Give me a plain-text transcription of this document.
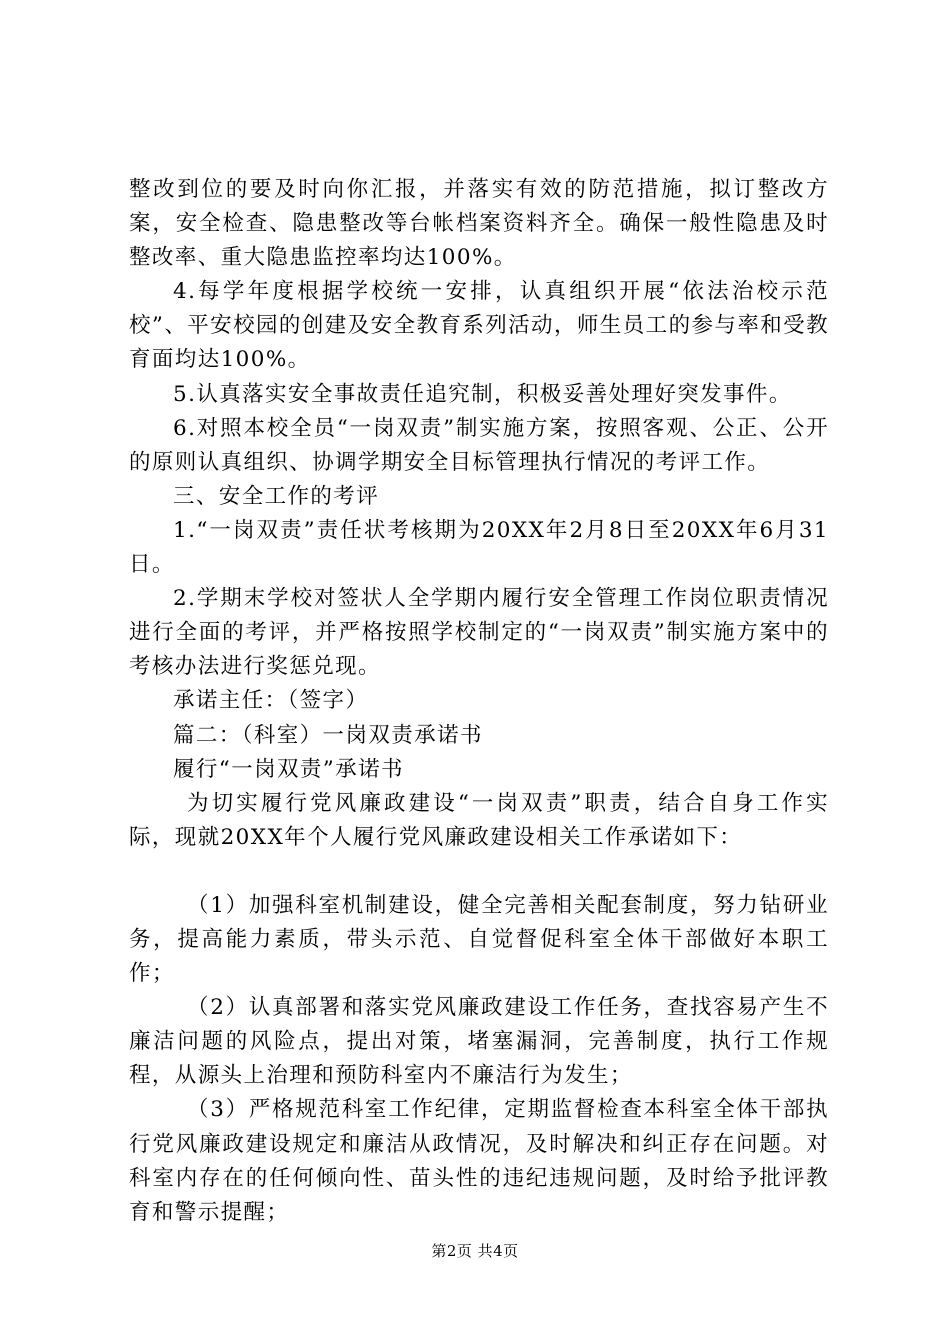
整改到位的要及时向你汇报，并落实有效的防范措施，拟订整改方案，安全检查、隐患整改等台帐档案资料齐全。确保一般性隐患及时整改率、重大隐患监控率均达100%。

4.每学年度根据学校统一安排，认真组织开展“依法治校示范校”、平安校园的创建及安全教育系列活动，师生员工的参与率和受教育面均达100%。

5.认真落实安全事故责任追究制，积极妥善处理好突发事件。

6.对照本校全员“一岗双责”制实施方案，按照客观、公正、公开的原则认真组织、协调学期安全目标管理执行情况的考评工作。

三、安全工作的考评

1.“一岗双责”责任状考核期为20XX年2月8日至20XX年6月31日。

2.学期末学校对签状人全学期内履行安全管理工作岗位职责情况进行全面的考评，并严格按照学校制定的“一岗双责”制实施方案中的考核办法进行奖惩兑现。

承诺主任：（签字）

篇二：（科室）一岗双责承诺书

履行“一岗双责”承诺书

为切实履行党风廉政建设“一岗双责”职责，结合自身工作实际，现就20XX年个人履行党风廉政建设相关工作承诺如下：

（1）加强科室机制建设，健全完善相关配套制度，努力钻研业务，提高能力素质，带头示范、自觉督促科室全体干部做好本职工作；

（2）认真部署和落实党风廉政建设工作任务，查找容易产生不廉洁问题的风险点，提出对策，堵塞漏洞，完善制度，执行工作规程，从源头上治理和预防科室内不廉洁行为发生；

（3）严格规范科室工作纪律，定期监督检查本科室全体干部执行党风廉政建设规定和廉洁从政情况，及时解决和纠正存在问题。对科室内存在的任何倾向性、苗头性的违纪违规问题，及时给予批评教育和警示提醒；

第2页 共4页
